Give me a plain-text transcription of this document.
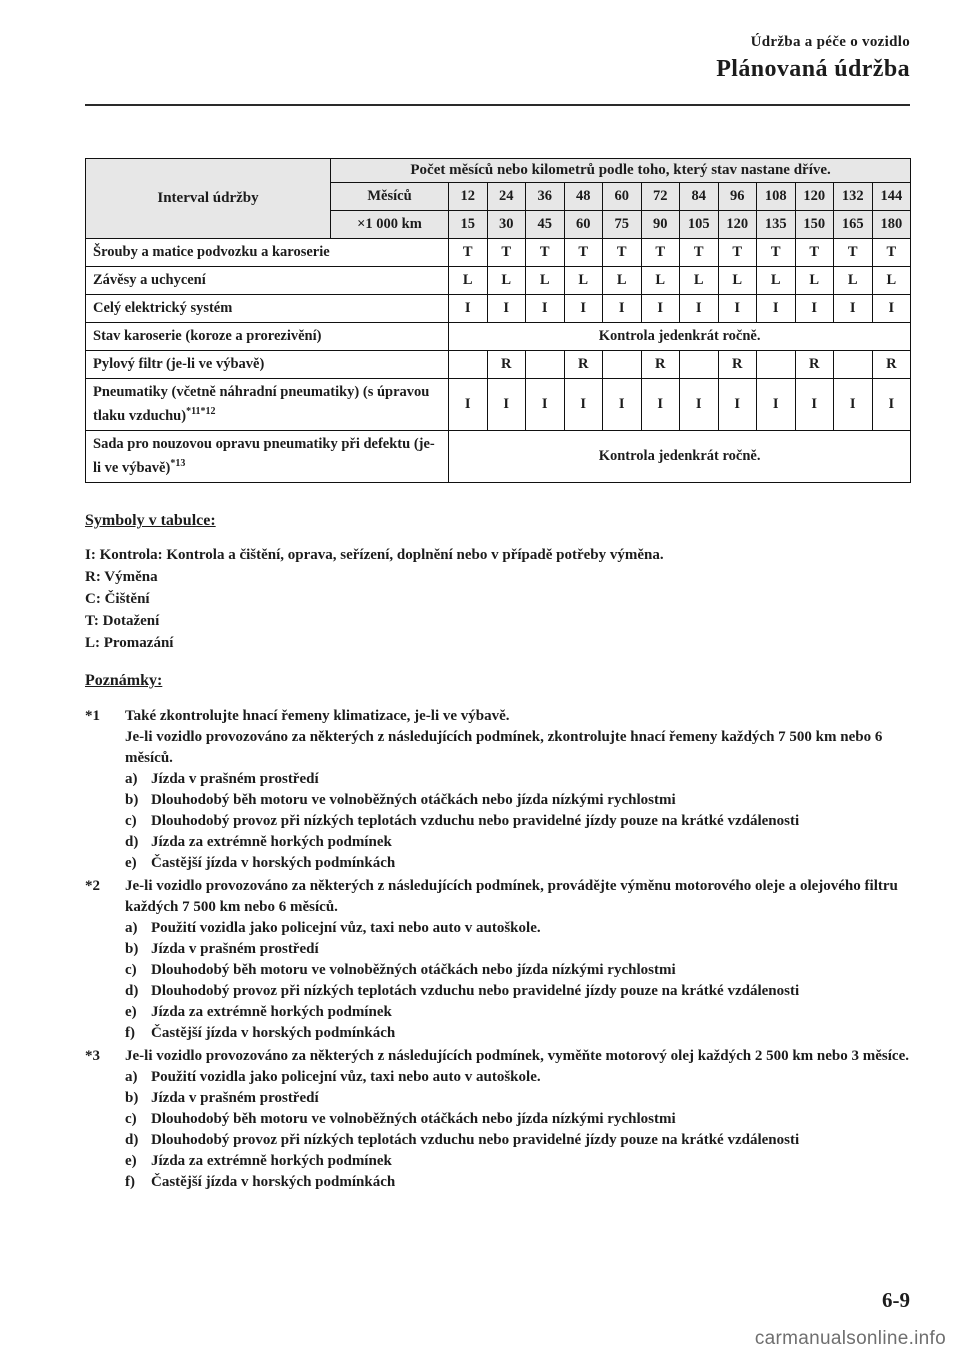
Údržba a péče o vozidlo
Plánovaná údržba
Interval údržby	Počet měsíců nebo kilometrů podle toho, který stav nastane dříve.												
	Měsíců	12	24	36	48	60	72	84	96	108	120	132	144
	×1 000 km	15	30	45	60	75	90	105	120	135	150	165	180
Šrouby a matice podvozku a karoserie		T	T	T	T	T	T	T	T	T	T	T	T
Závěsy a uchycení		L	L	L	L	L	L	L	L	L	L	L	L
Celý elektrický systém		I	I	I	I	I	I	I	I	I	I	I	I
Stav karoserie (koroze a prorezivění)		Kontrola jedenkrát ročně.											
Pylový filtr (je-li ve výbavě)			R		R		R		R		R		R
Pneumatiky (včetně náhradní pneumatiky) (s úpravou tlaku vzduchu)$^{*11*12}$		I	I	I	I	I	I	I	I	I	I	I	I
Sada pro nouzovou opravu pneumatiky při defektu (je-li ve výbavě)$^{*13}$		Kontrola jedenkrát ročně.											
Symboly v tabulce:
I: Kontrola: Kontrola a čištění, oprava, seřízení, doplnění nebo v případě potřeby výměna.
R: Výměna
C: Čištění
T: Dotažení
L: Promazání
Poznámky:
*1	Také zkontrolujte hnací řemeny klimatizace, je-li ve výbavě.
Je-li vozidlo provozováno za některých z následujících podmínek, zkontrolujte hnací řemeny každých 7 500 km nebo 6 měsíců.
a) Jízda v prašném prostředí
b) Dlouhodobý běh motoru ve volnoběžných otáčkách nebo jízda nízkými rychlostmi
c) Dlouhodobý provoz při nízkých teplotách vzduchu nebo pravidelné jízdy pouze na krátké vzdálenosti
d) Jízda za extrémně horkých podmínek
e) Častější jízda v horských podmínkách
*2	Je-li vozidlo provozováno za některých z následujících podmínek, provádějte výměnu motorového oleje a olejového filtru každých 7 500 km nebo 6 měsíců.
a) Použití vozidla jako policejní vůz, taxi nebo auto v autoškole.
b) Jízda v prašném prostředí
c) Dlouhodobý běh motoru ve volnoběžných otáčkách nebo jízda nízkými rychlostmi
d) Dlouhodobý provoz při nízkých teplotách vzduchu nebo pravidelné jízdy pouze na krátké vzdálenosti
e) Jízda za extrémně horkých podmínek
f)	Častější jízda v horských podmínkách
*3	Je-li vozidlo provozováno za některých z následujících podmínek, vyměňte motorový olej každých 2 500 km nebo 3 měsíce.
a) Použití vozidla jako policejní vůz, taxi nebo auto v autoškole.
b) Jízda v prašném prostředí
c) Dlouhodobý běh motoru ve volnoběžných otáčkách nebo jízda nízkými rychlostmi
d) Dlouhodobý provoz při nízkých teplotách vzduchu nebo pravidelné jízdy pouze na krátké vzdálenosti
e) Jízda za extrémně horkých podmínek
f)	Častější jízda v horských podmínkách
6-9
carmanualsonline.info
